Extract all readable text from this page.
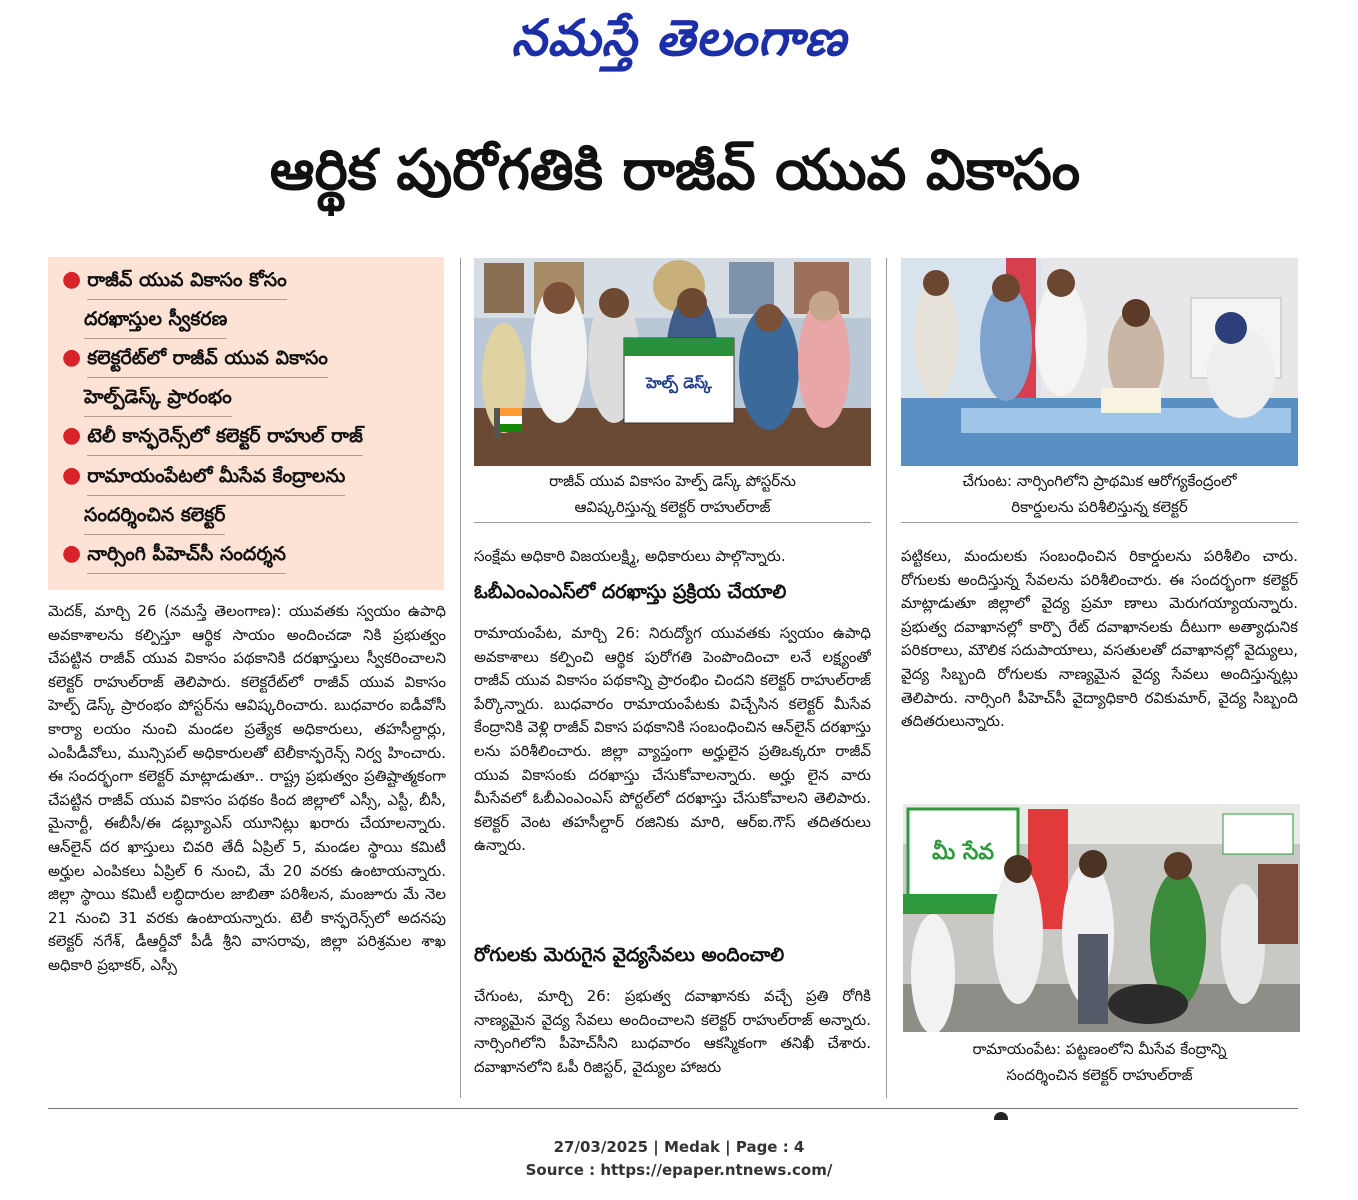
నమస్తే తెలంగాణ
ఆర్థిక పురోగతికి రాజీవ్ యువ వికాసం
● రాజీవ్ యువ వికాసం కోసం
దరఖాస్తుల స్వీకరణ
● కలెక్టరేట్‌లో రాజీవ్ యువ వికాసం
హెల్ప్‌డెస్క్ ప్రారంభం
● టెలీ కాన్ఫరెన్స్‌లో కలెక్టర్ రాహుల్ రాజ్
● రామాయంపేటలో మీసేవ కేంద్రాలను
సందర్శించిన కలెక్టర్
● నార్సింగి పీహెచ్‌సీ సందర్శన

మెదక్, మార్చి 26 (నమస్తే తెలంగాణ): యువతకు స్వయం ఉపాధి అవకాశాలను కల్పిస్తూ ఆర్థిక సాయం అందించడా నికి ప్రభుత్వం చేపట్టిన రాజీవ్ యువ వికాసం పథకానికి దరఖాస్తులు స్వీకరించాలని కలెక్టర్ రాహుల్‌రాజ్ తెలిపారు. కలెక్టరేట్‌లో రాజీవ్ యువ వికాసం హెల్ప్ డెస్క్ ప్రారంభం పోస్టర్‌ను ఆవిష్కరించారు. బుధవారం ఐడీవోసీ కార్యా లయం నుంచి మండల ప్రత్యేక అధికారులు, తహసీల్దార్లు, ఎంపీడీవోలు, మున్సిపల్ అధికారులతో టెలీకాన్ఫరెన్స్ నిర్వ హించారు. ఈ సందర్భంగా కలెక్టర్ మాట్లాడుతూ.. రాష్ట్ర ప్రభుత్వం ప్రతిష్టాత్మకంగా చేపట్టిన రాజీవ్ యువ వికాసం పథకం కింద జిల్లాలో ఎస్సీ, ఎస్టీ, బీసీ, మైనార్టీ, ఈబీసీ/ఈ డబ్ల్యూఎస్ యూనిట్లు ఖరారు చేయాలన్నారు. ఆన్‌లైన్ దర ఖాస్తులు చివరి తేదీ ఏప్రిల్ 5, మండల స్థాయి కమిటీ అర్హుల ఎంపికలు ఏప్రిల్ 6 నుంచి, మే 20 వరకు ఉంటాయన్నారు. జిల్లా స్థాయి కమిటీ లబ్ధిదారుల జాబితా పరిశీలన, మంజూరు మే నెల 21 నుంచి 31 వరకు ఉంటాయన్నారు. టెలీ కాన్ఫరెన్స్‌లో అదనపు కలెక్టర్ నగేశ్, డీఆర్డీవో పీడీ శ్రీని వాసరావు, జిల్లా పరిశ్రమల శాఖ అధికారి ప్రభాకర్, ఎస్సీ

హెల్ప్ డెస్క్
రాజీవ్ యువ వికాసం హెల్ప్ డెస్క్ పోస్టర్‌ను
ఆవిష్కరిస్తున్న కలెక్టర్ రాహుల్‌రాజ్
చేగుంట: నార్సింగిలోని ప్రాథమిక ఆరోగ్యకేంద్రంలో
రికార్డులను పరిశీలిస్తున్న కలెక్టర్

సంక్షేమ అధికారి విజయలక్ష్మి, అధికారులు పాల్గొన్నారు.

ఓబీఎంఎంఎస్‌లో దరఖాస్తు ప్రక్రియ చేయాలి

రామాయంపేట, మార్చి 26: నిరుద్యోగ యువతకు స్వయం ఉపాధి అవకాశాలు కల్పించి ఆర్థిక పురోగతి పెంపొందించా లనే లక్ష్యంతో రాజీవ్ యువ వికాసం పథకాన్ని ప్రారంభిం చిందని కలెక్టర్ రాహుల్‌రాజ్ పేర్కొన్నారు. బుధవారం రామాయంపేటకు విచ్చేసిన కలెక్టర్ మీసేవ కేంద్రానికి వెళ్లి రాజీవ్ వికాస పథకానికి సంబంధించిన ఆన్‌లైన్ దరఖాస్తు లను పరిశీలించారు. జిల్లా వ్యాప్తంగా అర్హులైన ప్రతిఒక్కరూ రాజీవ్ యువ వికాసంకు దరఖాస్తు చేసుకోవాలన్నారు. అర్హు లైన వారు మీసేవలో ఓబీఎంఎంఎస్ పోర్టల్‌లో దరఖాస్తు చేసుకోవాలని తెలిపారు. కలెక్టర్ వెంట తహసీల్దార్ రజినికు మారి, ఆర్ఐ.గౌస్ తదితరులు ఉన్నారు.

రోగులకు మెరుగైన వైద్యసేవలు అందించాలి

చేగుంట, మార్చి 26: ప్రభుత్వ దవాఖానకు వచ్చే ప్రతి రోగికి నాణ్యమైన వైద్య సేవలు అందించాలని కలెక్టర్ రాహుల్‌రాజ్ అన్నారు. నార్సింగిలోని పీహెచ్‌సీని బుధవారం ఆకస్మికంగా తనిఖీ చేశారు. దవాఖానలోని ఓపీ రిజిస్టర్, వైద్యుల హాజరు

పట్టికలు, మందులకు సంబంధించిన రికార్డులను పరిశీలిం చారు. రోగులకు అందిస్తున్న సేవలను పరిశీలించారు. ఈ సందర్భంగా కలెక్టర్ మాట్లాడుతూ జిల్లాలో వైద్య ప్రమా ణాలు మెరుగయ్యాయన్నారు. ప్రభుత్వ దవాఖానల్లో కార్పొ రేట్ దవాఖానలకు దీటుగా అత్యాధునిక పరికరాలు, మౌలిక సదుపాయాలు, వసతులతో దవాఖానల్లో వైద్యులు, వైద్య సిబ్బంది రోగులకు నాణ్యమైన వైద్య సేవలు అందిస్తున్నట్లు తెలిపారు. నార్సింగి పీహెచ్‌సీ వైద్యాధికారి రవికుమార్, వైద్య సిబ్బంది తదితరులున్నారు.

మీ సేవ
రామాయంపేట: పట్టణంలోని మీసేవ కేంద్రాన్ని
సందర్శించిన కలెక్టర్ రాహుల్‌రాజ్
27/03/2025 | Medak | Page : 4
Source : https://epaper.ntnews.com/
